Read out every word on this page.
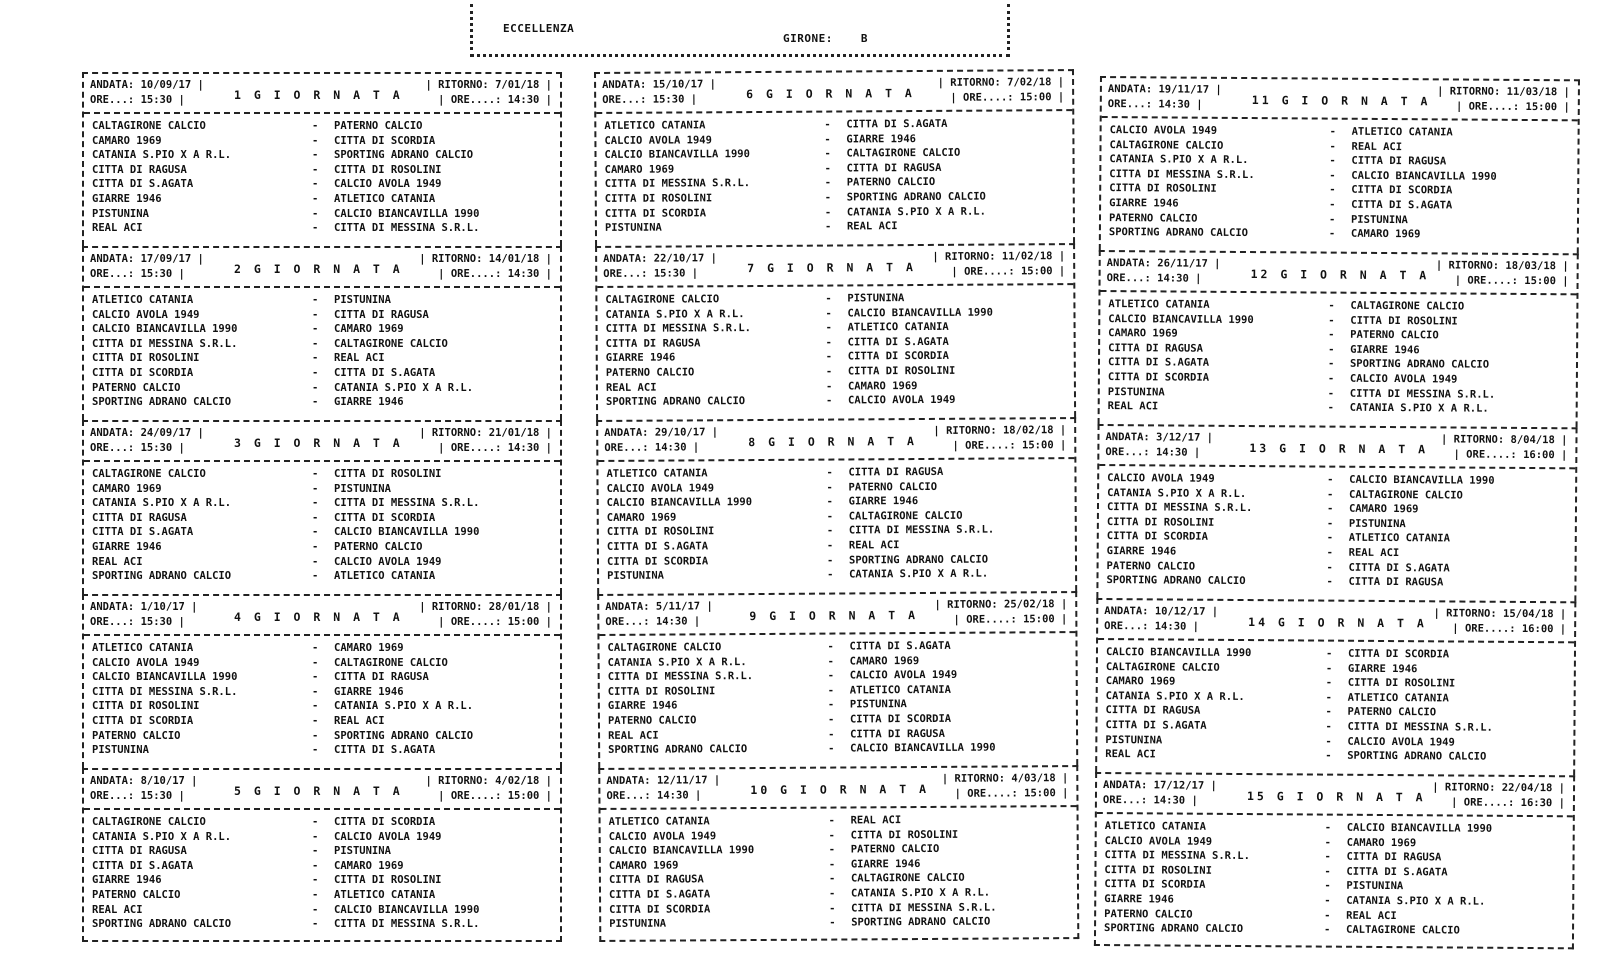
ECCELLENZA
GIRONE:	B
ANDATA: 10/09/17 |
ORE...: 15:30 |	1 G I O R N A T A
| RITORNO: 7/01/18 |
| ORE....: 14:30 |
CALTAGIRONE CALCIO	- PATERNO CALCIO
CAMARO 1969	- CITTA DI SCORDIA
CATANIA S.PIO X A R.L.	- SPORTING ADRANO CALCIO
CITTA DI RAGUSA	- CITTA DI ROSOLINI
CITTA DI S.AGATA	- CALCIO AVOLA 1949
GIARRE 1946	- ATLETICO CATANIA
PISTUNINA	- CALCIO BIANCAVILLA 1990
REAL ACI	- CITTA DI MESSINA S.R.L.
ANDATA: 17/09/17 |
ORE...: 15:30 |	2 G I O R N A T A
| RITORNO: 14/01/18 |
| ORE....: 14:30 |
ATLETICO CATANIA	- PISTUNINA
CALCIO AVOLA 1949	- CITTA DI RAGUSA
CALCIO BIANCAVILLA 1990	- CAMARO 1969
CITTA DI MESSINA S.R.L.	- CALTAGIRONE CALCIO
CITTA DI ROSOLINI	- REAL ACI
CITTA DI SCORDIA	- CITTA DI S.AGATA
PATERNO CALCIO	- CATANIA S.PIO X A R.L.
SPORTING ADRANO CALCIO	- GIARRE 1946
ANDATA: 24/09/17 |
ORE...: 15:30 |	3 G I O R N A T A
| RITORNO: 21/01/18 |
| ORE....: 14:30 |
CALTAGIRONE CALCIO	- CITTA DI ROSOLINI
CAMARO 1969	- PISTUNINA
CATANIA S.PIO X A R.L.	- CITTA DI MESSINA S.R.L.
CITTA DI RAGUSA	- CITTA DI SCORDIA
CITTA DI S.AGATA	- CALCIO BIANCAVILLA 1990
GIARRE 1946	- PATERNO CALCIO
REAL ACI	- CALCIO AVOLA 1949
SPORTING ADRANO CALCIO	- ATLETICO CATANIA
ANDATA: 1/10/17 |
ORE...: 15:30 |	4 G I O R N A T A
| RITORNO: 28/01/18 |
| ORE....: 15:00 |
ATLETICO CATANIA	- CAMARO 1969
CALCIO AVOLA 1949	- CALTAGIRONE CALCIO
CALCIO BIANCAVILLA 1990	- CITTA DI RAGUSA
CITTA DI MESSINA S.R.L.	- GIARRE 1946
CITTA DI ROSOLINI	- CATANIA S.PIO X A R.L.
CITTA DI SCORDIA	- REAL ACI
PATERNO CALCIO	- SPORTING ADRANO CALCIO
PISTUNINA	- CITTA DI S.AGATA
ANDATA: 8/10/17 |
ORE...: 15:30 |	5 G I O R N A T A
| RITORNO: 4/02/18 |
| ORE....: 15:00 |
CALTAGIRONE CALCIO	- CITTA DI SCORDIA
CATANIA S.PIO X A R.L.	- CALCIO AVOLA 1949
CITTA DI RAGUSA	- PISTUNINA
CITTA DI S.AGATA	- CAMARO 1969
GIARRE 1946	- CITTA DI ROSOLINI
PATERNO CALCIO	- ATLETICO CATANIA
REAL ACI	- CALCIO BIANCAVILLA 1990
SPORTING ADRANO CALCIO	- CITTA DI MESSINA S.R.L.
ANDATA: 15/10/17 |
ORE...: 15:30 |	6 G I O R N A T A
| RITORNO: 7/02/18 |
| ORE....: 15:00 |
ATLETICO CATANIA	- CITTA DI S.AGATA
CALCIO AVOLA 1949	- GIARRE 1946
CALCIO BIANCAVILLA 1990	- CALTAGIRONE CALCIO
CAMARO 1969	- CITTA DI RAGUSA
CITTA DI MESSINA S.R.L.	- PATERNO CALCIO
CITTA DI ROSOLINI	- SPORTING ADRANO CALCIO
CITTA DI SCORDIA	- CATANIA S.PIO X A R.L.
PISTUNINA	- REAL ACI
ANDATA: 22/10/17 |
ORE...: 15:30 |	7 G I O R N A T A
| RITORNO: 11/02/18 |
| ORE....: 15:00 |
CALTAGIRONE CALCIO	- PISTUNINA
CATANIA S.PIO X A R.L.	- CALCIO BIANCAVILLA 1990
CITTA DI MESSINA S.R.L.	- ATLETICO CATANIA
CITTA DI RAGUSA	- CITTA DI S.AGATA
GIARRE 1946	- CITTA DI SCORDIA
PATERNO CALCIO	- CITTA DI ROSOLINI
REAL ACI	- CAMARO 1969
SPORTING ADRANO CALCIO	- CALCIO AVOLA 1949
ANDATA: 29/10/17 |
ORE...: 14:30 |	8 G I O R N A T A
| RITORNO: 18/02/18 |
| ORE....: 15:00 |
ATLETICO CATANIA	- CITTA DI RAGUSA
CALCIO AVOLA 1949	- PATERNO CALCIO
CALCIO BIANCAVILLA 1990	- GIARRE 1946
CAMARO 1969	- CALTAGIRONE CALCIO
CITTA DI ROSOLINI	- CITTA DI MESSINA S.R.L.
CITTA DI S.AGATA	- REAL ACI
CITTA DI SCORDIA	- SPORTING ADRANO CALCIO
PISTUNINA	- CATANIA S.PIO X A R.L.
ANDATA: 5/11/17 |
ORE...: 14:30 |	9 G I O R N A T A
| RITORNO: 25/02/18 |
| ORE....: 15:00 |
CALTAGIRONE CALCIO	- CITTA DI S.AGATA
CATANIA S.PIO X A R.L.	- CAMARO 1969
CITTA DI MESSINA S.R.L.	- CALCIO AVOLA 1949
CITTA DI ROSOLINI	- ATLETICO CATANIA
GIARRE 1946	- PISTUNINA
PATERNO CALCIO	- CITTA DI SCORDIA
REAL ACI	- CITTA DI RAGUSA
SPORTING ADRANO CALCIO	- CALCIO BIANCAVILLA 1990
ANDATA: 12/11/17 |
ORE...: 14:30 |	10 G I O R N A T A
| RITORNO: 4/03/18 |
| ORE....: 15:00 |
ATLETICO CATANIA	- REAL ACI
CALCIO AVOLA 1949	- CITTA DI ROSOLINI
CALCIO BIANCAVILLA 1990	- PATERNO CALCIO
CAMARO 1969	- GIARRE 1946
CITTA DI RAGUSA	- CALTAGIRONE CALCIO
CITTA DI S.AGATA	- CATANIA S.PIO X A R.L.
CITTA DI SCORDIA	- CITTA DI MESSINA S.R.L.
PISTUNINA	- SPORTING ADRANO CALCIO
ANDATA: 19/11/17 |
ORE...: 14:30 |	11 G I O R N A T A
| RITORNO: 11/03/18 |
| ORE....: 15:00 |
CALCIO AVOLA 1949	- ATLETICO CATANIA
CALTAGIRONE CALCIO	- REAL ACI
CATANIA S.PIO X A R.L.	- CITTA DI RAGUSA
CITTA DI MESSINA S.R.L.	- CALCIO BIANCAVILLA 1990
CITTA DI ROSOLINI	- CITTA DI SCORDIA
GIARRE 1946	- CITTA DI S.AGATA
PATERNO CALCIO	- PISTUNINA
SPORTING ADRANO CALCIO	- CAMARO 1969
ANDATA: 26/11/17 |
ORE...: 14:30 |	12 G I O R N A T A
| RITORNO: 18/03/18 |
| ORE....: 15:00 |
ATLETICO CATANIA	- CALTAGIRONE CALCIO
CALCIO BIANCAVILLA 1990	- CITTA DI ROSOLINI
CAMARO 1969	- PATERNO CALCIO
CITTA DI RAGUSA	- GIARRE 1946
CITTA DI S.AGATA	- SPORTING ADRANO CALCIO
CITTA DI SCORDIA	- CALCIO AVOLA 1949
PISTUNINA	- CITTA DI MESSINA S.R.L.
REAL ACI	- CATANIA S.PIO X A R.L.
ANDATA: 3/12/17 |
ORE...: 14:30 |	13 G I O R N A T A
| RITORNO: 8/04/18 |
| ORE....: 16:00 |
CALCIO AVOLA 1949	- CALCIO BIANCAVILLA 1990
CATANIA S.PIO X A R.L.	- CALTAGIRONE CALCIO
CITTA DI MESSINA S.R.L.	- CAMARO 1969
CITTA DI ROSOLINI	- PISTUNINA
CITTA DI SCORDIA	- ATLETICO CATANIA
GIARRE 1946	- REAL ACI
PATERNO CALCIO	- CITTA DI S.AGATA
SPORTING ADRANO CALCIO	- CITTA DI RAGUSA
ANDATA: 10/12/17 |
ORE...: 14:30 |	14 G I O R N A T A
| RITORNO: 15/04/18 |
| ORE....: 16:00 |
CALCIO BIANCAVILLA 1990	- CITTA DI SCORDIA
CALTAGIRONE CALCIO	- GIARRE 1946
CAMARO 1969	- CITTA DI ROSOLINI
CATANIA S.PIO X A R.L.	- ATLETICO CATANIA
CITTA DI RAGUSA	- PATERNO CALCIO
CITTA DI S.AGATA	- CITTA DI MESSINA S.R.L.
PISTUNINA	- CALCIO AVOLA 1949
REAL ACI	- SPORTING ADRANO CALCIO
ANDATA: 17/12/17 |
ORE...: 14:30 |	15 G I O R N A T A
| RITORNO: 22/04/18 |
| ORE....: 16:30 |
ATLETICO CATANIA	- CALCIO BIANCAVILLA 1990
CALCIO AVOLA 1949	- CAMARO 1969
CITTA DI MESSINA S.R.L.	- CITTA DI RAGUSA
CITTA DI ROSOLINI	- CITTA DI S.AGATA
CITTA DI SCORDIA	- PISTUNINA
GIARRE 1946	- CATANIA S.PIO X A R.L.
PATERNO CALCIO	- REAL ACI
SPORTING ADRANO CALCIO	- CALTAGIRONE CALCIO
